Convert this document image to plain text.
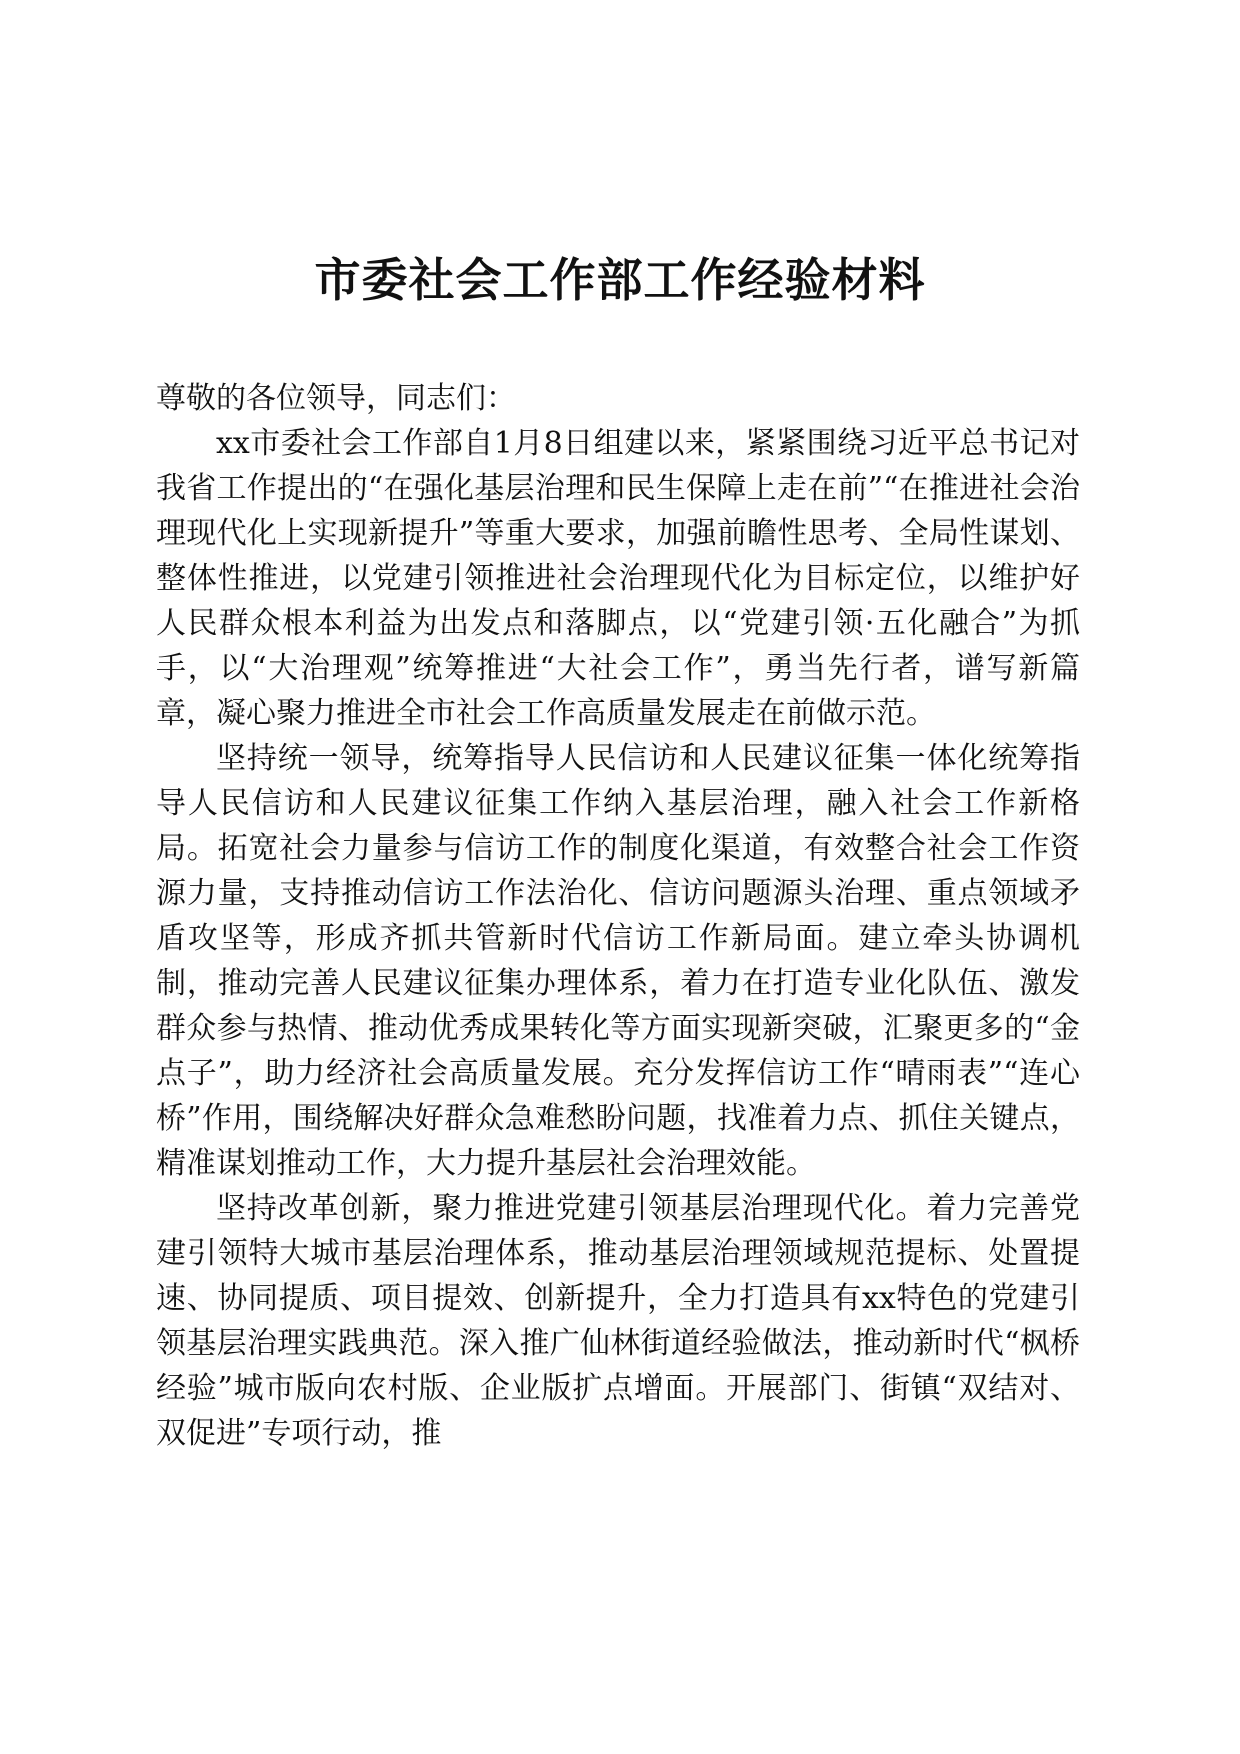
市委社会工作部工作经验材料

尊敬的各位领导，同志们：

xx市委社会工作部自1月8日组建以来，紧紧围绕习近平总书记对我省工作提出的“在强化基层治理和民生保障上走在前”“在推进社会治理现代化上实现新提升”等重大要求，加强前瞻性思考、全局性谋划、整体性推进，以党建引领推进社会治理现代化为目标定位，以维护好人民群众根本利益为出发点和落脚点，以“党建引领·五化融合”为抓手，以“大治理观”统筹推进“大社会工作”，勇当先行者，谱写新篇章，凝心聚力推进全市社会工作高质量发展走在前做示范。

坚持统一领导，统筹指导人民信访和人民建议征集一体化统筹指导人民信访和人民建议征集工作纳入基层治理，融入社会工作新格局。拓宽社会力量参与信访工作的制度化渠道，有效整合社会工作资源力量，支持推动信访工作法治化、信访问题源头治理、重点领域矛盾攻坚等，形成齐抓共管新时代信访工作新局面。建立牵头协调机制，推动完善人民建议征集办理体系，着力在打造专业化队伍、激发群众参与热情、推动优秀成果转化等方面实现新突破，汇聚更多的“金点子”，助力经济社会高质量发展。充分发挥信访工作“晴雨表”“连心桥”作用，围绕解决好群众急难愁盼问题，找准着力点、抓住关键点，精准谋划推动工作，大力提升基层社会治理效能。

坚持改革创新，聚力推进党建引领基层治理现代化。着力完善党建引领特大城市基层治理体系，推动基层治理领域规范提标、处置提速、协同提质、项目提效、创新提升，全力打造具有xx特色的党建引领基层治理实践典范。深入推广仙林街道经验做法，推动新时代“枫桥经验”城市版向农村版、企业版扩点增面。开展部门、街镇“双结对、双促进”专项行动，推
